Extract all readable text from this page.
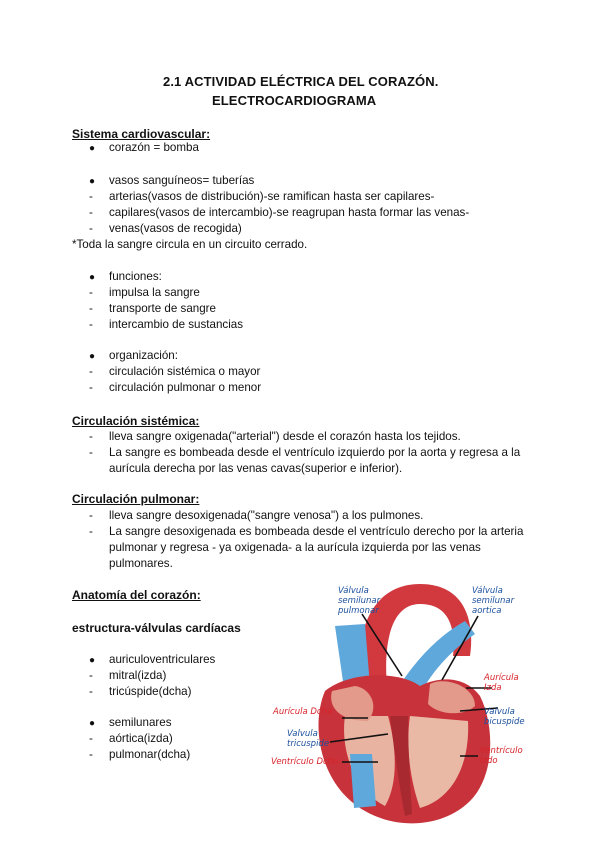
2.1 ACTIVIDAD ELÉCTRICA DEL CORAZÓN.
ELECTROCARDIOGRAMA
Sistema cardiovascular:
● corazón = bomba
● vasos sanguíneos= tuberías
- arterias(vasos de distribución)-se ramifican hasta ser capilares-
- capilares(vasos de intercambio)-se reagrupan hasta formar las venas-
- venas(vasos de recogida)
*Toda la sangre circula en un circuito cerrado.
● funciones:
- impulsa la sangre
- transporte de sangre
- intercambio de sustancias
● organización:
- circulación sistémica o mayor
- circulación pulmonar o menor
Circulación sistémica:
- lleva sangre oxigenada("arterial") desde el corazón hasta los tejidos.
- La sangre es bombeada desde el ventrículo izquierdo por la aorta y regresa a la aurícula derecha por las venas cavas(superior e inferior).
Circulación pulmonar:
- lleva sangre desoxigenada("sangre venosa") a los pulmones.
- La sangre desoxigenada es bombeada desde el ventrículo derecho por la arteria pulmonar y regresa - ya oxigenada- a la aurícula izquierda por las venas pulmonares.
Anatomía del corazón:
estructura-válvulas cardíacas
● auriculoventriculares
- mitral(izda)
- tricúspide(dcha)
● semilunares
- aórtica(izda)
- pulmonar(dcha)
Válvula
semilunar
pulmonar
Válvula
semilunar
aortica
Aurícula
Izda
Valvula
bicuspide
Aurícula Dcha
Valvula
tricuspide
Ventrículo Dcho
Ventrículo
Izdo
